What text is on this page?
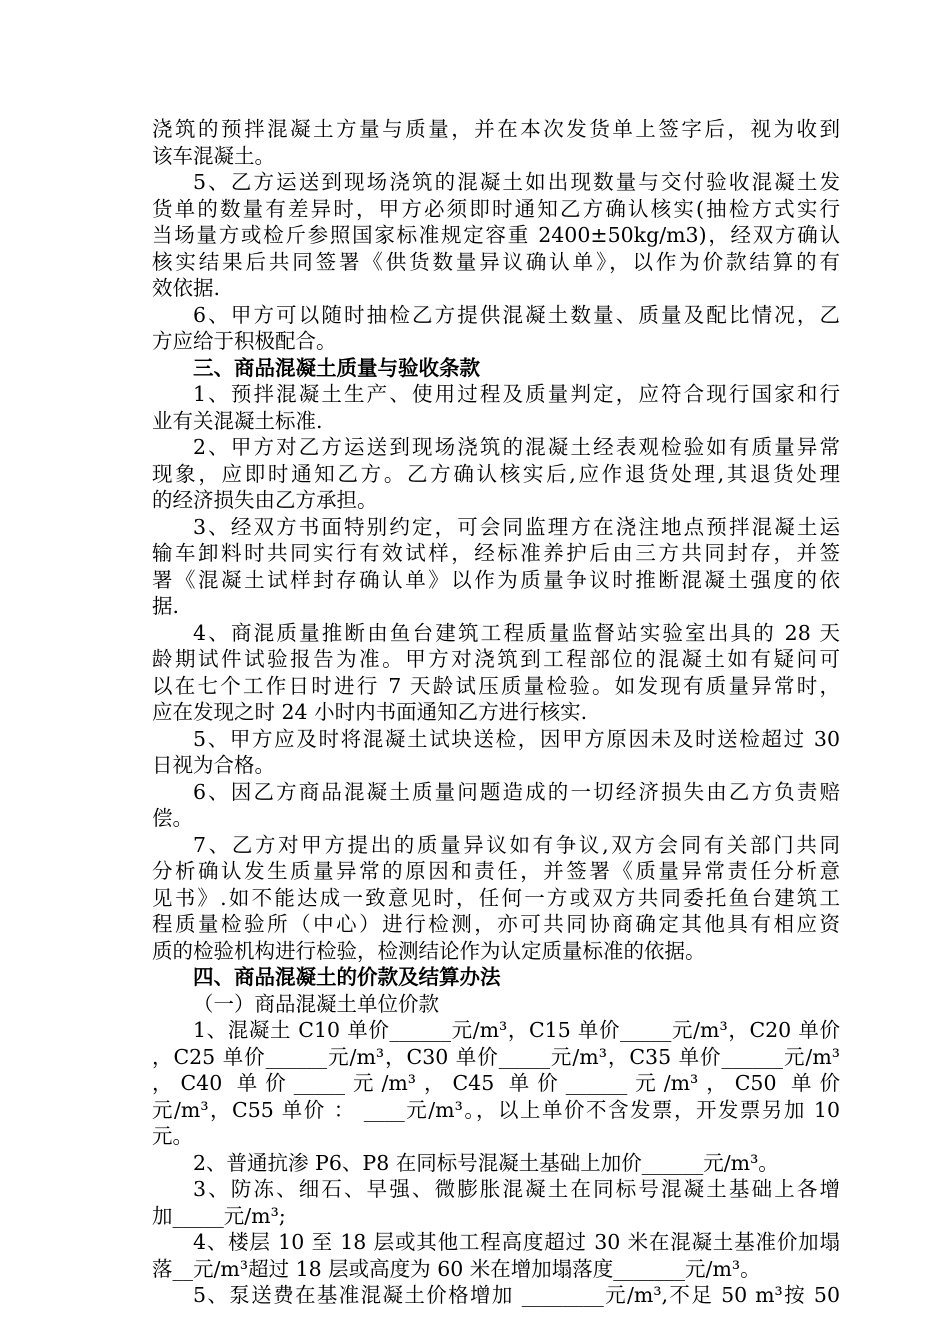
浇筑的预拌混凝土方量与质量，并在本次发货单上签字后，视为收到
该车混凝土。
5、乙方运送到现场浇筑的混凝土如出现数量与交付验收混凝土发
货单的数量有差异时，甲方必须即时通知乙方确认核实(抽检方式实行
当场量方或检斤参照国家标准规定容重 2400±50kg/m3)，经双方确认
核实结果后共同签署《供货数量异议确认单》，以作为价款结算的有
效依据.
6、甲方可以随时抽检乙方提供混凝土数量、质量及配比情况，乙
方应给于积极配合。
三、商品混凝土质量与验收条款
1、预拌混凝土生产、使用过程及质量判定，应符合现行国家和行
业有关混凝土标准.
2、甲方对乙方运送到现场浇筑的混凝土经表观检验如有质量异常
现象，应即时通知乙方。乙方确认核实后,应作退货处理,其退货处理
的经济损失由乙方承担。
3、经双方书面特别约定，可会同监理方在浇注地点预拌混凝土运
输车卸料时共同实行有效试样，经标准养护后由三方共同封存，并签
署《混凝土试样封存确认单》以作为质量争议时推断混凝土强度的依
据.
4、商混质量推断由鱼台建筑工程质量监督站实验室出具的 28 天
龄期试件试验报告为准。甲方对浇筑到工程部位的混凝土如有疑问可
以在七个工作日时进行 7 天龄试压质量检验。如发现有质量异常时，
应在发现之时 24 小时内书面通知乙方进行核实.
5、甲方应及时将混凝土试块送检，因甲方原因未及时送检超过 30
日视为合格。
6、因乙方商品混凝土质量问题造成的一切经济损失由乙方负责赔
偿。
7、乙方对甲方提出的质量异议如有争议,双方会同有关部门共同
分析确认发生质量异常的原因和责任，并签署《质量异常责任分析意
见书》.如不能达成一致意见时，任何一方或双方共同委托鱼台建筑工
程质量检验所（中心）进行检测，亦可共同协商确定其他具有相应资
质的检验机构进行检验，检测结论作为认定质量标准的依据。
四、商品混凝土的价款及结算办法
（一）商品混凝土单位价款
1、混凝土 C10 单价______元/m³，C15 单价_____元/m³，C20 单价
，C25 单价______元/m³，C30 单价_____元/m³，C35 单价______元/m³
，C40 单价_____元/m³，C45 单价______元/m³，C50 单价
元/m³，C55 单价 ： ____元/m³。，以上单价不含发票，开发票另加 10
元。
2、普通抗渗 P6、P8 在同标号混凝土基础上加价______元/m³。
3、防冻、细石、早强、微膨胀混凝土在同标号混凝土基础上各增
加_____元/m³;
4、楼层 10 至 18 层或其他工程高度超过 30 米在混凝土基准价加塌
落__元/m³超过 18 层或高度为 60 米在增加塌落度_______元/m³。
5、泵送费在基准混凝土价格增加 ________元/m³,不足 50 m³按 50
